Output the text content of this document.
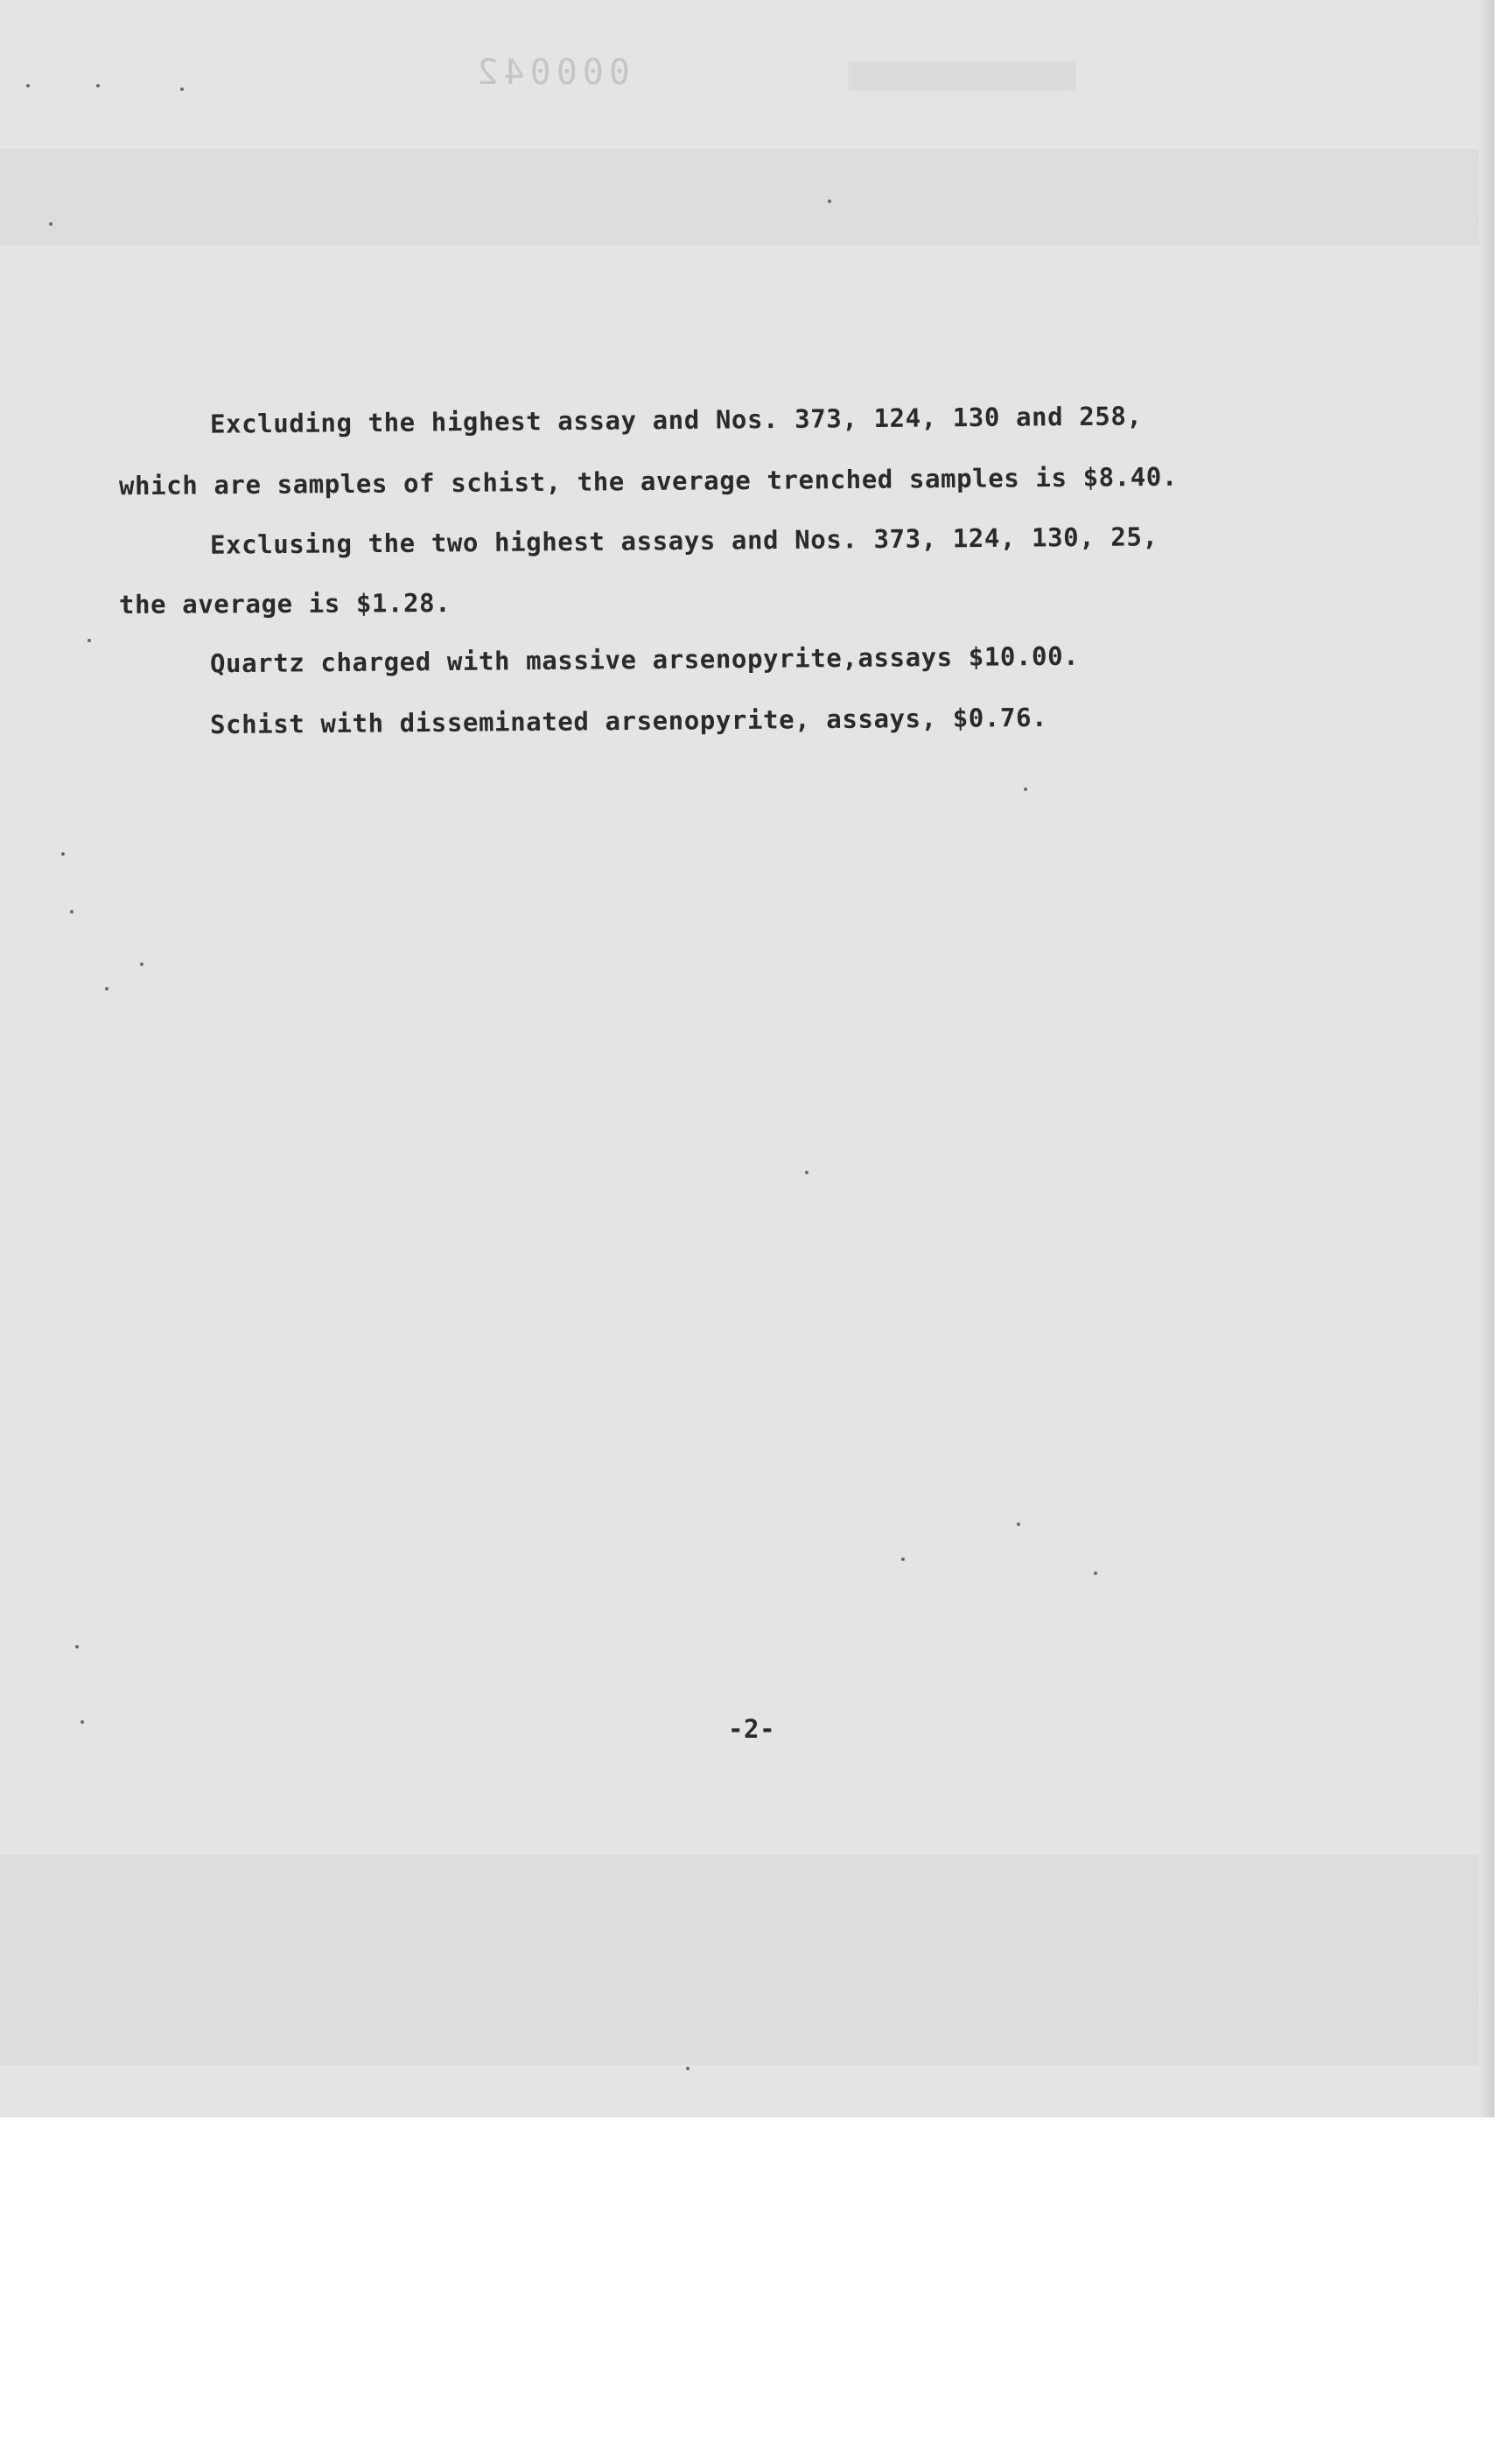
000042
Excluding the highest assay and Nos. 373, 124, 130 and 258,
which are samples of schist, the average trenched samples is $8.40.
Exclusing the two highest assays and Nos. 373, 124, 130, 25,
the average is $1.28.
Quartz charged with massive arsenopyrite,assays $10.00.
Schist with disseminated arsenopyrite, assays, $0.76.
-2-
